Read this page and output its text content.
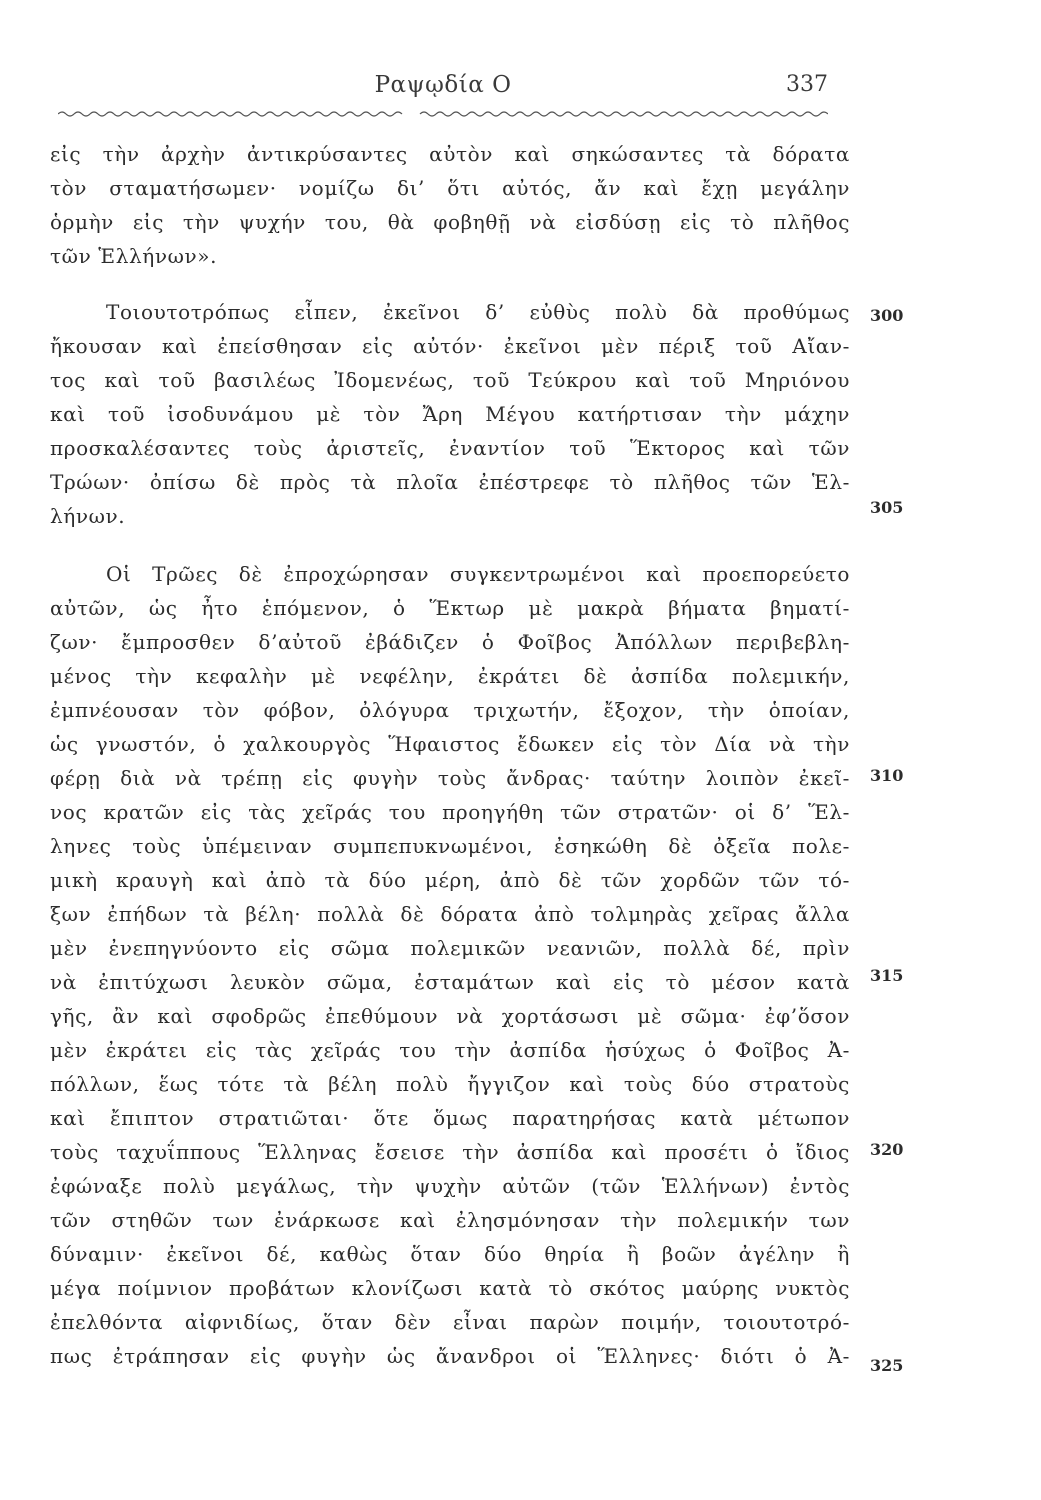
Ραψῳδία Ο	337
εἰς τὴν ἀρχὴν ἀντικρύσαντες αὐτὸν καὶ σηκώσαντες τὰ δόρατα
τὸν σταματήσωμεν· νομίζω δι’ ὅτι αὐτός, ἄν καὶ ἔχῃ μεγάλην
ὁρμὴν εἰς τὴν ψυχήν του, θὰ φοβηθῇ νὰ εἰσδύσῃ εἰς τὸ πλῆθος
τῶν Ἑλλήνων».
Τοιουτοτρόπως εἶπεν, ἐκεῖνοι δ’ εὐθὺς πολὺ δὰ προθύμως
ἤκουσαν καὶ ἐπείσθησαν εἰς αὐτόν· ἐκεῖνοι μὲν πέριξ τοῦ Αἴαν-
τος καὶ τοῦ βασιλέως Ἰδομενέως, τοῦ Τεύκρου καὶ τοῦ Μηριόνου
καὶ τοῦ ἰσοδυνάμου μὲ τὸν Ἄρη Μέγου κατήρτισαν τὴν μάχην
προσκαλέσαντες τοὺς ἀριστεῖς, ἐναντίον τοῦ Ἕκτορος καὶ τῶν
Τρώων· ὀπίσω δὲ πρὸς τὰ πλοῖα ἐπέστρεφε τὸ πλῆθος τῶν Ἑλ-
λήνων.
Οἱ Τρῶες δὲ ἐπροχώρησαν συγκεντρωμένοι καὶ προεπορεύετο
αὐτῶν, ὡς ἦτο ἑπόμενον, ὁ Ἕκτωρ μὲ μακρὰ βήματα βηματί-
ζων· ἔμπροσθεν δ’αὐτοῦ ἐβάδιζεν ὁ Φοῖβος Ἀπόλλων περιβεβλη-
μένος τὴν κεφαλὴν μὲ νεφέλην, ἐκράτει δὲ ἀσπίδα πολεμικήν,
ἐμπνέουσαν τὸν φόβον, ὀλόγυρα τριχωτήν, ἔξοχον, τὴν ὁποίαν,
ὡς γνωστόν, ὁ χαλκουργὸς Ἥφαιστος ἔδωκεν εἰς τὸν Δία νὰ τὴν
φέρῃ διὰ νὰ τρέπῃ εἰς φυγὴν τοὺς ἄνδρας· ταύτην λοιπὸν ἐκεῖ-
νος κρατῶν εἰς τὰς χεῖράς του προηγήθη τῶν στρατῶν· οἱ δ’ Ἕλ-
ληνες τοὺς ὑπέμειναν συμπεπυκνωμένοι, ἐσηκώθη δὲ ὀξεῖα πολε-
μικὴ κραυγὴ καὶ ἀπὸ τὰ δύο μέρη, ἀπὸ δὲ τῶν χορδῶν τῶν τό-
ξων ἐπήδων τὰ βέλη· πολλὰ δὲ δόρατα ἀπὸ τολμηρὰς χεῖρας ἄλλα
μὲν ἐνεπηγνύοντο εἰς σῶμα πολεμικῶν νεανιῶν, πολλὰ δέ, πρὶν
νὰ ἐπιτύχωσι λευκὸν σῶμα, ἐσταμάτων καὶ εἰς τὸ μέσον κατὰ
γῆς, ἂν καὶ σφοδρῶς ἐπεθύμουν νὰ χορτάσωσι μὲ σῶμα· ἐφ’ὅσον
μὲν ἐκράτει εἰς τὰς χεῖράς του τὴν ἀσπίδα ἡσύχως ὁ Φοῖβος Ἀ-
πόλλων, ἕως τότε τὰ βέλη πολὺ ἤγγιζον καὶ τοὺς δύο στρατοὺς
καὶ ἔπιπτον στρατιῶται· ὅτε ὅμως παρατηρήσας κατὰ μέτωπον
τοὺς ταχυΐππους Ἕλληνας ἔσεισε τὴν ἀσπίδα καὶ προσέτι ὁ ἴδιος
ἐφώναξε πολὺ μεγάλως, τὴν ψυχὴν αὐτῶν (τῶν Ἑλλήνων) ἐντὸς
τῶν στηθῶν των ἐνάρκωσε καὶ ἐλησμόνησαν τὴν πολεμικήν των
δύναμιν· ἐκεῖνοι δέ, καθὼς ὅταν δύο θηρία ἢ βοῶν ἀγέλην ἢ
μέγα ποίμνιον προβάτων κλονίζωσι κατὰ τὸ σκότος μαύρης νυκτὸς
ἐπελθόντα αἰφνιδίως, ὅταν δὲν εἶναι παρὼν ποιμήν, τοιουτοτρό-
πως ἐτράπησαν εἰς φυγὴν ὡς ἄνανδροι οἱ Ἕλληνες· διότι ὁ Ἀ-
300
305
310
315
320
325
